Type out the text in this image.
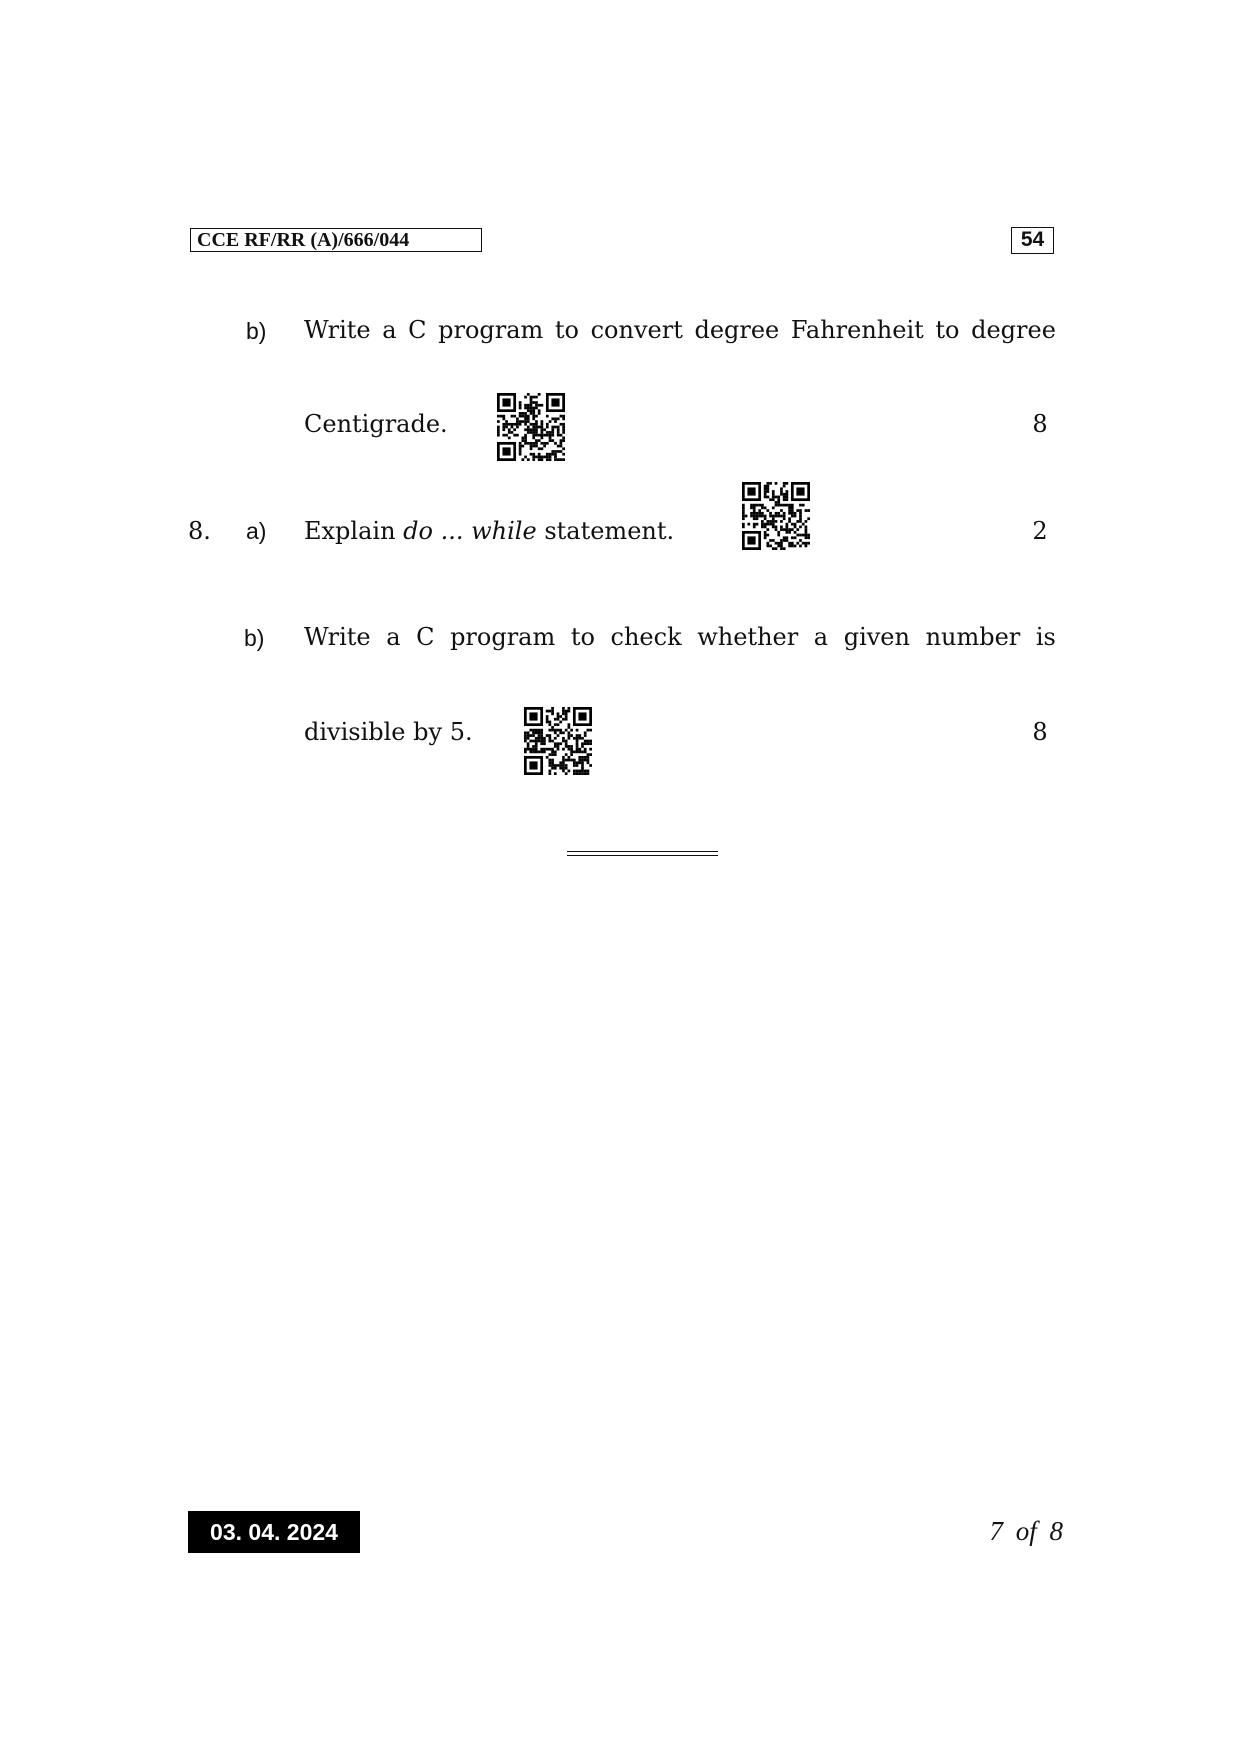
CCE RF/RR (A)/666/044	54
b) Write a C program to convert degree Fahrenheit to degree
Centigrade.	8
8. a) Explain do ... while statement.	2
b) Write a C program to check whether a given number is
divisible by 5.	8
03. 04. 2024	7 of 8
